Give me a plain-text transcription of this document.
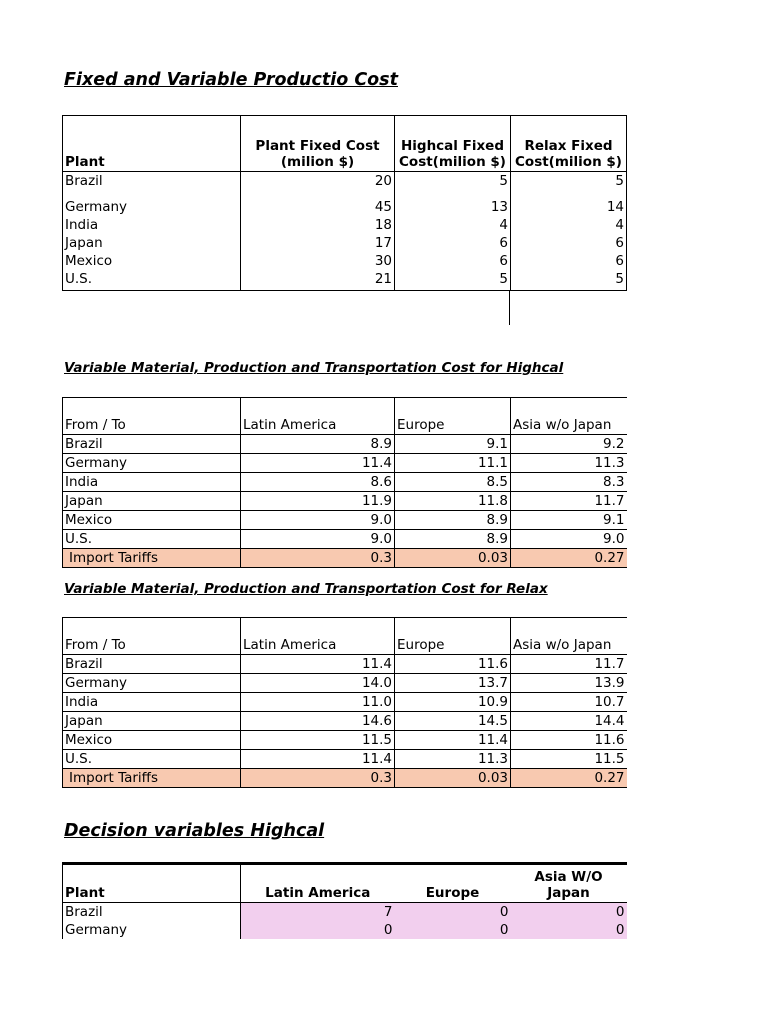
Fixed and Variable Productio Cost
Plant	Plant Fixed Cost (milion $)	Highcal Fixed Cost(milion $)	Relax Fixed Cost(milion $)
Brazil	20	5	5
Germany	45	13	14
India	18	4	4
Japan	17	6	6
Mexico	30	6	6
U.S.	21	5	5
Variable Material, Production and Transportation Cost for Highcal
From / To	Latin America	Europe	Asia w/o Japan
Brazil	8.9	9.1	9.2
Germany	11.4	11.1	11.3
India	8.6	8.5	8.3
Japan	11.9	11.8	11.7
Mexico	9.0	8.9	9.1
U.S.	9.0	8.9	9.0
Import Tariffs	0.3	0.03	0.27
Variable Material, Production and Transportation Cost for Relax
From / To	Latin America	Europe	Asia w/o Japan
Brazil	11.4	11.6	11.7
Germany	14.0	13.7	13.9
India	11.0	10.9	10.7
Japan	14.6	14.5	14.4
Mexico	11.5	11.4	11.6
U.S.	11.4	11.3	11.5
Import Tariffs	0.3	0.03	0.27
Decision variables Highcal
Plant	Latin America	Europe	Asia W/O Japan
Brazil	7	0	0
Germany	0	0	0
